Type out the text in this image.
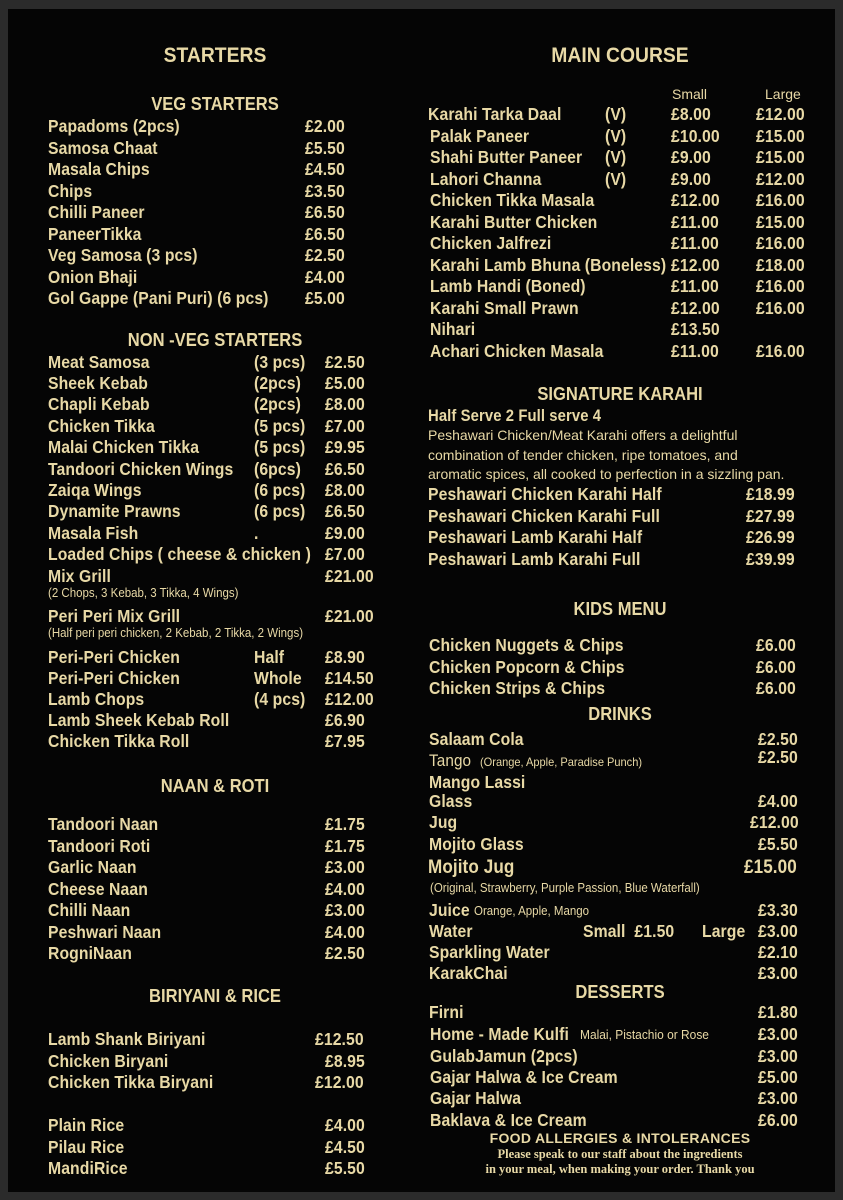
STARTERS
VEG STARTERS
Papadoms (2pcs)	£2.00
Samosa Chaat	£5.50
Masala Chips	£4.50
Chips	£3.50
Chilli Paneer	£6.50
PaneerTikka	£6.50
Veg Samosa (3 pcs)	£2.50
Onion Bhaji	£4.00
Gol Gappe (Pani Puri) (6 pcs) £5.00
NON -VEG STARTERS
Meat Samosa	(3 pcs) £2.50
Sheek Kebab	(2pcs) £5.00
Chapli Kebab	(2pcs) £8.00
Chicken Tikka	(5 pcs) £7.00
Malai Chicken Tikka	(5 pcs) £9.95
Tandoori Chicken Wings (6pcs) £6.50
Zaiqa Wings	(6 pcs) £8.00
Dynamite Prawns	(6 pcs) £6.50
Masala Fish	.	£9.00
Loaded Chips ( cheese & chicken ) £7.00
Mix Grill	£21.00
(2 Chops, 3 Kebab, 3 Tikka, 4 Wings)
Peri Peri Mix Grill	£21.00
(Half peri peri chicken, 2 Kebab, 2 Tikka, 2 Wings)
Peri-Peri Chicken	Half £8.90
Peri-Peri Chicken	Whole £14.50
Lamb Chops	(4 pcs) £12.00
Lamb Sheek Kebab Roll	£6.90
Chicken Tikka Roll	£7.95
NAAN & ROTI
Tandoori Naan	£1.75
Tandoori Roti	£1.75
Garlic Naan	£3.00
Cheese Naan	£4.00
Chilli Naan	£3.00
Peshwari Naan	£4.00
RogniNaan	£2.50
BIRIYANI & RICE
Lamb Shank Biriyani	£12.50
Chicken Biryani	£8.95
Chicken Tikka Biryani	£12.00
Plain Rice	£4.00
Pilau Rice	£4.50
MandiRice	£5.50
MAIN COURSE
Small	Large
Karahi Tarka Daal (V)	£8.00	£12.00
Palak Paneer	(V)	£10.00 £15.00
Shahi Butter Paneer (V)	£9.00	£15.00
Lahori Channa	(V)	£9.00	£12.00
Chicken Tikka Masala	£12.00 £16.00
Karahi Butter Chicken	£11.00 £15.00
Chicken Jalfrezi	£11.00 £16.00
Karahi Lamb Bhuna (Boneless) £12.00 £18.00
Lamb Handi (Boned)	£11.00 £16.00
Karahi Small Prawn	£12.00 £16.00
Nihari	£13.50
Achari Chicken Masala	£11.00 £16.00
SIGNATURE KARAHI
Half Serve 2 Full serve 4
Peshawari Chicken/Meat Karahi offers a delightful
combination of tender chicken, ripe tomatoes, and
aromatic spices, all cooked to perfection in a sizzling pan.
Peshawari Chicken Karahi Half	£18.99
Peshawari Chicken Karahi Full	£27.99
Peshawari Lamb Karahi Half	£26.99
Peshawari Lamb Karahi Full	£39.99
KIDS MENU
Chicken Nuggets & Chips	£6.00
Chicken Popcorn & Chips	£6.00
Chicken Strips & Chips	£6.00
DRINKS
Salaam Cola	£2.50
Tango (Orange, Apple, Paradise Punch)	£2.50
Mango Lassi
Glass	£4.00
Jug	£12.00
Mojito Glass	£5.50
Mojito Jug	£15.00
(Original, Strawberry, Purple Passion, Blue Waterfall)
Juice Orange, Apple, Mango	£3.30
Water	Small  £1.50 Large £3.00
Sparkling Water	£2.10
KarakChai	£3.00
DESSERTS
Firni	£1.80
Home - Made Kulfi Malai, Pistachio or Rose	£3.00
GulabJamun (2pcs)	£3.00
Gajar Halwa & Ice Cream	£5.00
Gajar Halwa	£3.00
Baklava & Ice Cream	£6.00
FOOD ALLERGIES & INTOLERANCES
Please speak to our staff about the ingredients
in your meal, when making your order. Thank you
